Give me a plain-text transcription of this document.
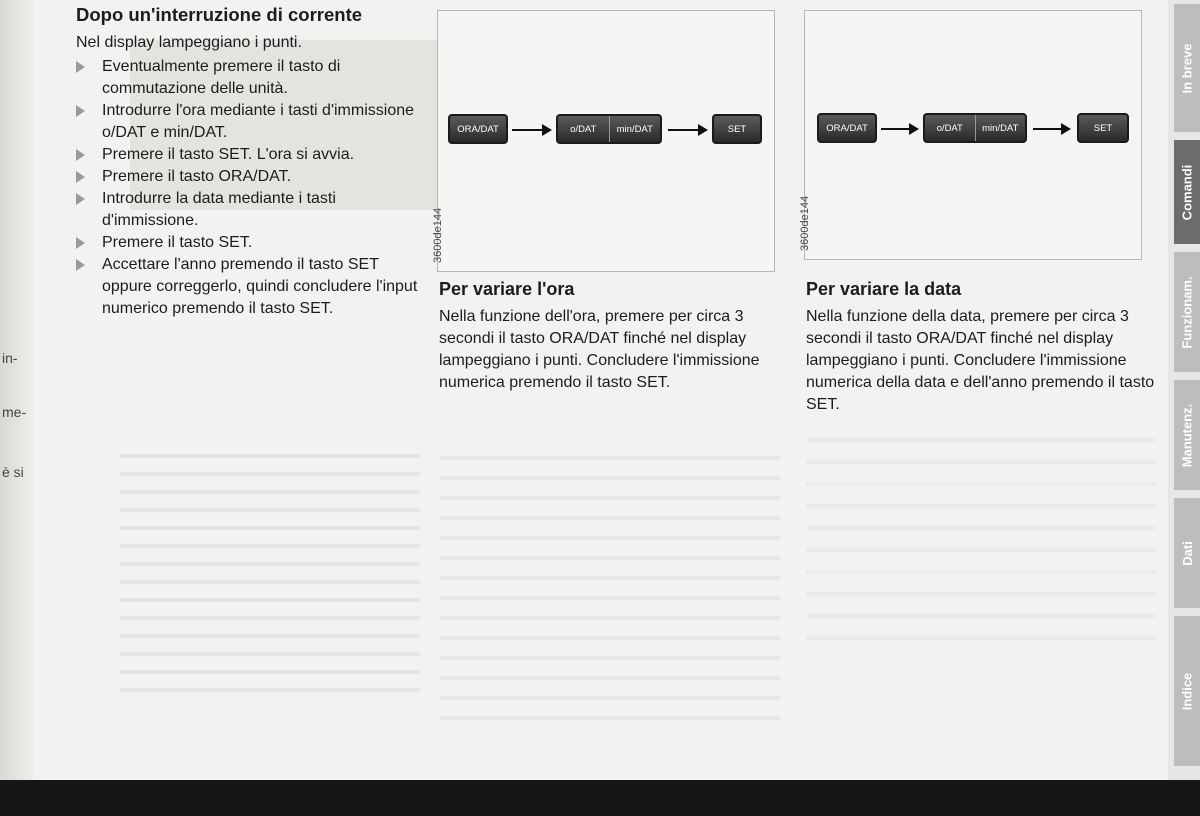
in-
me-
è si
Dopo un'interruzione di corrente
Nel display lampeggiano i punti.
Eventualmente premere il tasto di commutazione delle unità.
Introdurre l'ora mediante i tasti d'immissione o/DAT e min/DAT.
Premere il tasto SET. L'ora si avvia.
Premere il tasto ORA/DAT.
Introdurre la data mediante i tasti d'immissione.
Premere il tasto SET.
Accettare l'anno premendo il tasto SET oppure correggerlo, quindi concludere l'input numerico premendo il tasto SET.
ORA/DAT	o/DAT	min/DAT	SET
3600de144
ORA/DAT	o/DAT	min/DAT	SET
3600de144
Per variare l'ora
Nella funzione dell'ora, premere per circa 3 secondi il tasto ORA/DAT finché nel display lampeggiano i punti. Concludere l'immissione numerica premendo il tasto SET.
Per variare la data
Nella funzione della data, premere per circa 3 secondi il tasto ORA/DAT finché nel display lampeggiano i punti. Concludere l'immissione numerica della data e dell'anno premendo il tasto SET.
In breve
Comandi
Funzionam.
Manutenz.
Dati
Indice
